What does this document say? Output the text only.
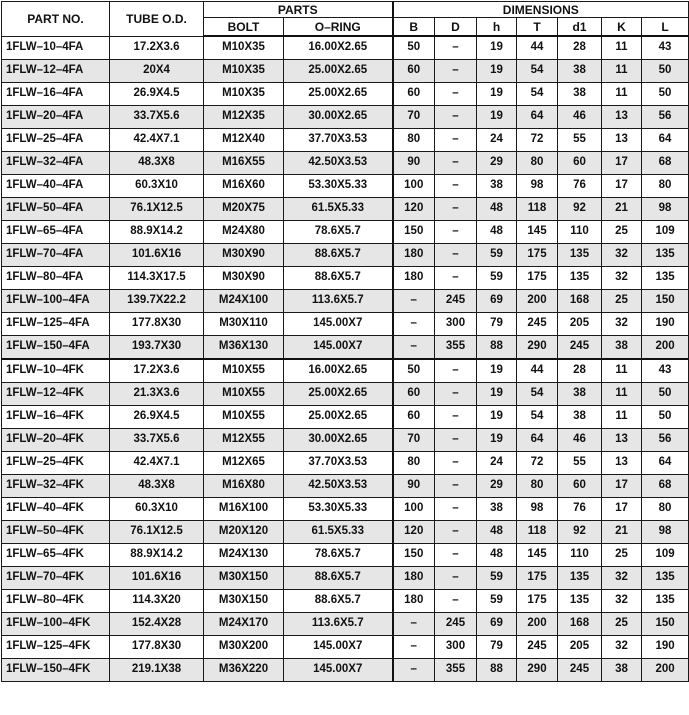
PART NO.	TUBE O.D.	PARTS		DIMENSIONS						
		BOLT	O–RING	B	D	h	T	d1	K	L
1FLW–10–4FA	17.2X3.6	M10X35	16.00X2.65	50	–	19	44	28	11	43
1FLW–12–4FA	20X4	M10X35	25.00X2.65	60	–	19	54	38	11	50
1FLW–16–4FA	26.9X4.5	M10X35	25.00X2.65	60	–	19	54	38	11	50
1FLW–20–4FA	33.7X5.6	M12X35	30.00X2.65	70	–	19	64	46	13	56
1FLW–25–4FA	42.4X7.1	M12X40	37.70X3.53	80	–	24	72	55	13	64
1FLW–32–4FA	48.3X8	M16X55	42.50X3.53	90	–	29	80	60	17	68
1FLW–40–4FA	60.3X10	M16X60	53.30X5.33	100	–	38	98	76	17	80
1FLW–50–4FA	76.1X12.5	M20X75	61.5X5.33	120	–	48	118	92	21	98
1FLW–65–4FA	88.9X14.2	M24X80	78.6X5.7	150	–	48	145	110	25	109
1FLW–70–4FA	101.6X16	M30X90	88.6X5.7	180	–	59	175	135	32	135
1FLW–80–4FA	114.3X17.5	M30X90	88.6X5.7	180	–	59	175	135	32	135
1FLW–100–4FA	139.7X22.2	M24X100	113.6X5.7	–	245	69	200	168	25	150
1FLW–125–4FA	177.8X30	M30X110	145.00X7	–	300	79	245	205	32	190
1FLW–150–4FA	193.7X30	M36X130	145.00X7	–	355	88	290	245	38	200
1FLW–10–4FK	17.2X3.6	M10X55	16.00X2.65	50	–	19	44	28	11	43
1FLW–12–4FK	21.3X3.6	M10X55	25.00X2.65	60	–	19	54	38	11	50
1FLW–16–4FK	26.9X4.5	M10X55	25.00X2.65	60	–	19	54	38	11	50
1FLW–20–4FK	33.7X5.6	M12X55	30.00X2.65	70	–	19	64	46	13	56
1FLW–25–4FK	42.4X7.1	M12X65	37.70X3.53	80	–	24	72	55	13	64
1FLW–32–4FK	48.3X8	M16X80	42.50X3.53	90	–	29	80	60	17	68
1FLW–40–4FK	60.3X10	M16X100	53.30X5.33	100	–	38	98	76	17	80
1FLW–50–4FK	76.1X12.5	M20X120	61.5X5.33	120	–	48	118	92	21	98
1FLW–65–4FK	88.9X14.2	M24X130	78.6X5.7	150	–	48	145	110	25	109
1FLW–70–4FK	101.6X16	M30X150	88.6X5.7	180	–	59	175	135	32	135
1FLW–80–4FK	114.3X20	M30X150	88.6X5.7	180	–	59	175	135	32	135
1FLW–100–4FK	152.4X28	M24X170	113.6X5.7	–	245	69	200	168	25	150
1FLW–125–4FK	177.8X30	M30X200	145.00X7	–	300	79	245	205	32	190
1FLW–150–4FK	219.1X38	M36X220	145.00X7	–	355	88	290	245	38	200
